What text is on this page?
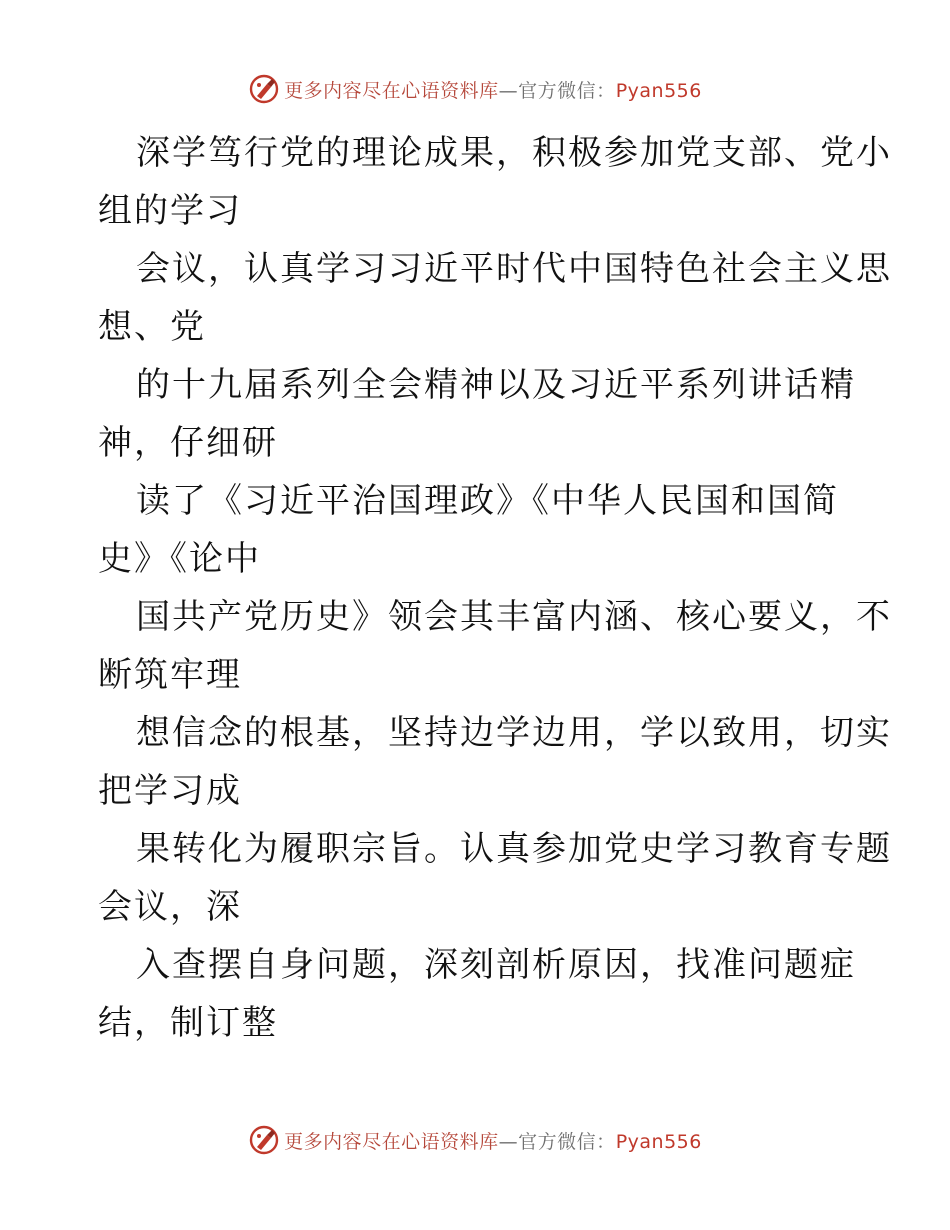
更多内容尽在心语资料库—官方微信：Pyan556
深学笃行党的理论成果，积极参加党支部、党小
组的学习
会议，认真学习习近平时代中国特色社会主义思
想、党
的十九届系列全会精神以及习近平系列讲话精
神，仔细研
读了《习近平治国理政》《中华人民国和国简
史》《论中
国共产党历史》领会其丰富内涵、核心要义，不
断筑牢理
想信念的根基，坚持边学边用，学以致用，切实
把学习成
果转化为履职宗旨。认真参加党史学习教育专题
会议，深
入查摆自身问题，深刻剖析原因，找准问题症
结，制订整
更多内容尽在心语资料库—官方微信：Pyan556
